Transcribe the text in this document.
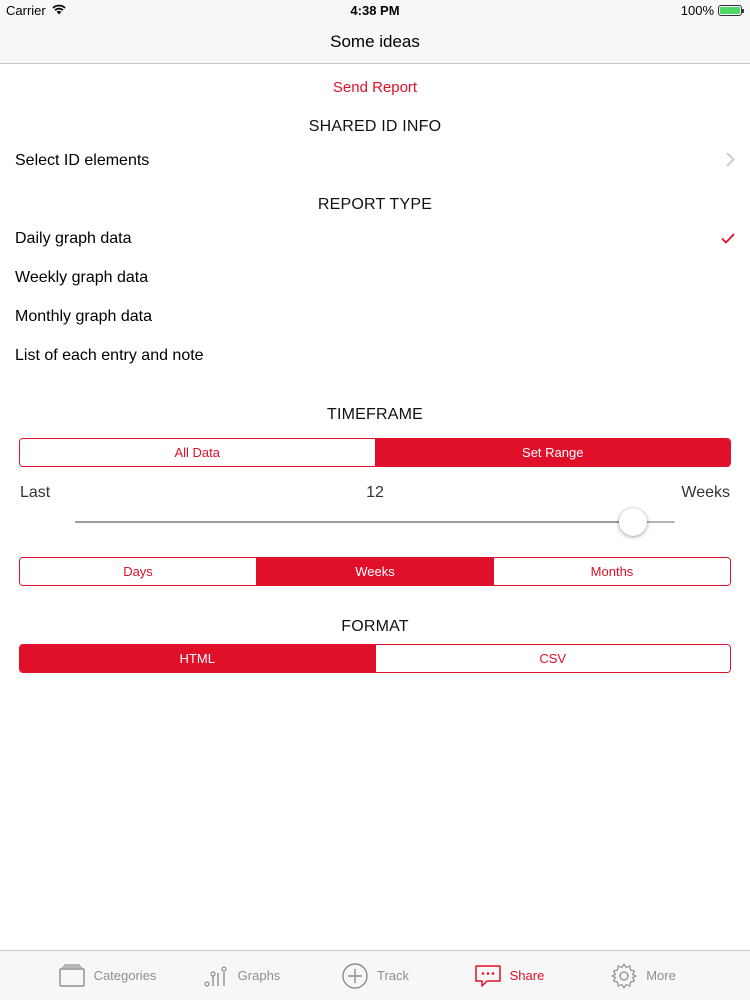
Carrier	4:38 PM	100%
Some ideas
Send Report
SHARED ID INFO
Select ID elements
REPORT TYPE
Daily graph data
Weekly graph data
Monthly graph data
List of each entry and note
TIMEFRAME
All Data	Set Range
Last	12	Weeks
Days	Weeks	Months
FORMAT
HTML	CSV
Categories	Graphs	Track	Share	More
